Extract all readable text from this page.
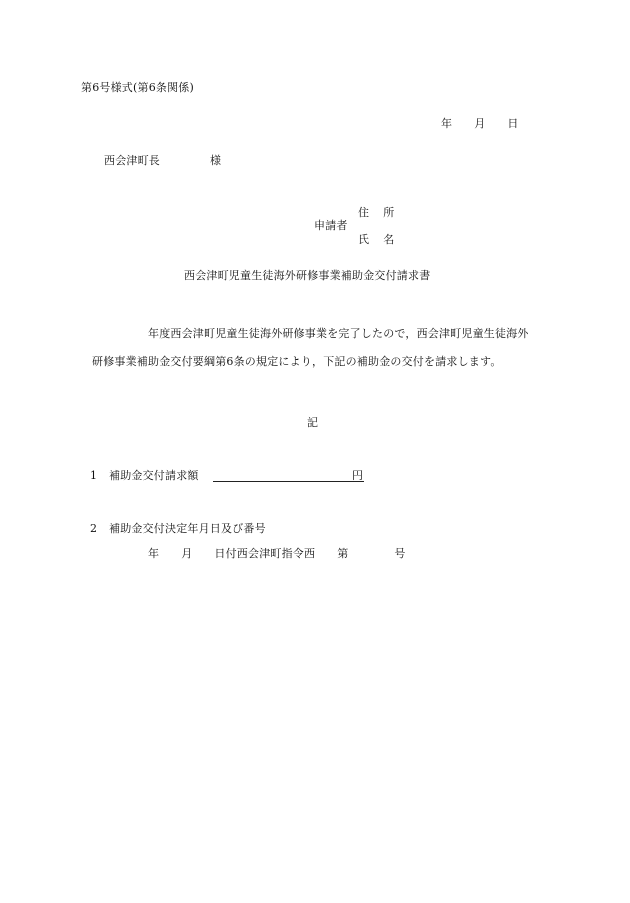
第6号様式(第6条関係)
年 月 日
西会津町長	様
申請者
住 所
氏 名
西会津町児童生徒海外研修事業補助金交付請求書
年度西会津町児童生徒海外研修事業を完了したので，西会津町児童生徒海外
研修事業補助金交付要綱第6条の規定により，下記の補助金の交付を請求します。
記
1 補助金交付請求額	円
2 補助金交付決定年月日及び番号
年 月 日付西会津町指令西 第	号
